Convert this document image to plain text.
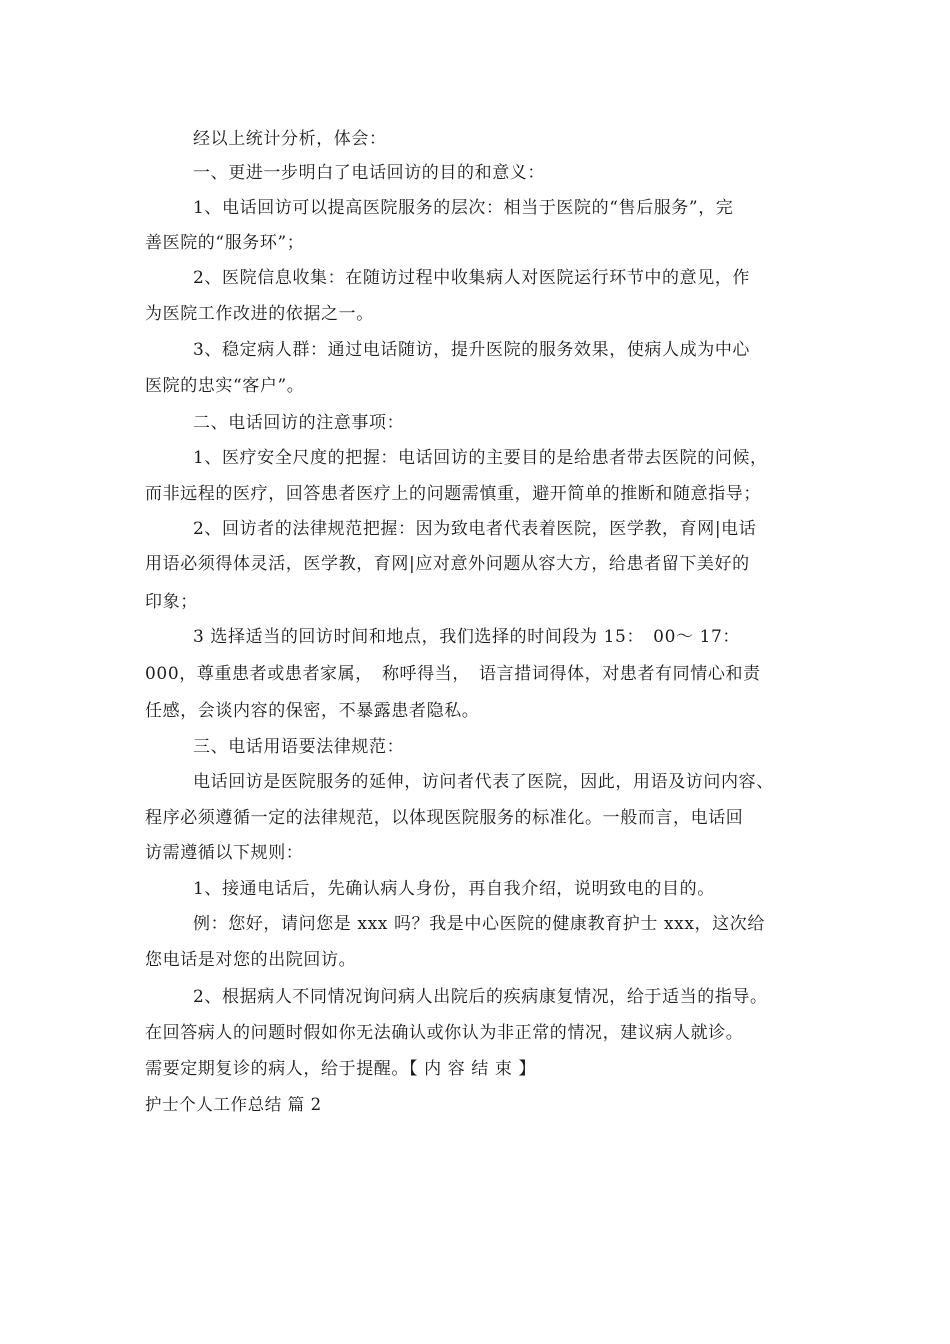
经以上统计分析，体会：
一、更进一步明白了电话回访的目的和意义：
1、电话回访可以提高医院服务的层次：相当于医院的“售后服务”，完
善医院的“服务环”；
2、医院信息收集：在随访过程中收集病人对医院运行环节中的意见，作
为医院工作改进的依据之一。
3、稳定病人群：通过电话随访，提升医院的服务效果，使病人成为中心
医院的忠实“客户”。
二、电话回访的注意事项：
1、医疗安全尺度的把握：电话回访的主要目的是给患者带去医院的问候，
而非远程的医疗，回答患者医疗上的问题需慎重，避开简单的推断和随意指导；
2、回访者的法律规范把握：因为致电者代表着医院，医学教，育网|电话
用语必须得体灵活，医学教，育网|应对意外问题从容大方，给患者留下美好的
印象；
3 选择适当的回访时间和地点，我们选择的时间段为 15：　00～ 17：
000，尊重患者或患者家属，　称呼得当，　语言措词得体，对患者有同情心和责
任感，会谈内容的保密，不暴露患者隐私。
三、电话用语要法律规范：
电话回访是医院服务的延伸，访问者代表了医院，因此，用语及访问内容、
程序必须遵循一定的法律规范，以体现医院服务的标准化。一般而言，电话回
访需遵循以下规则：
1、接通电话后，先确认病人身份，再自我介绍，说明致电的目的。
例：您好，请问您是 xxx 吗？我是中心医院的健康教育护士 xxx，这次给
您电话是对您的出院回访。
2、根据病人不同情况询问病人出院后的疾病康复情况，给于适当的指导。
在回答病人的问题时假如你无法确认或你认为非正常的情况，建议病人就诊。
需要定期复诊的病人，给于提醒。【 内 容 结 束 】
护士个人工作总结 篇 2
